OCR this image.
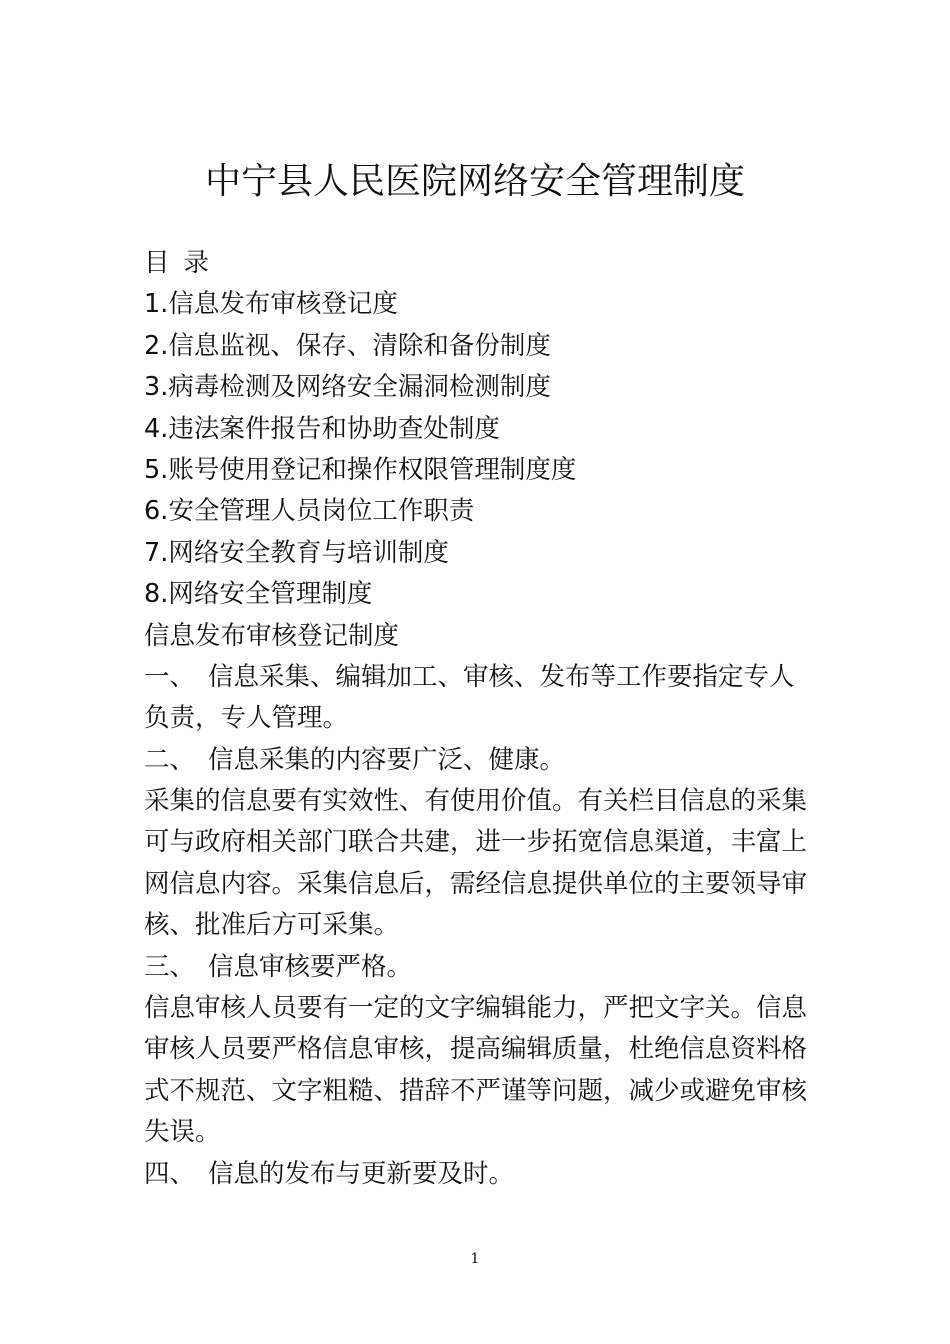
中宁县人民医院网络安全管理制度
目 录
1.信息发布审核登记度
2.信息监视、保存、清除和备份制度
3.病毒检测及网络安全漏洞检测制度
4.违法案件报告和协助查处制度
5.账号使用登记和操作权限管理制度度
6.安全管理人员岗位工作职责
7.网络安全教育与培训制度
8.网络安全管理制度
信息发布审核登记制度
一、 信息采集、编辑加工、审核、发布等工作要指定专人
负责，专人管理。
二、 信息采集的内容要广泛、健康。
采集的信息要有实效性、有使用价值。有关栏目信息的采集
可与政府相关部门联合共建，进一步拓宽信息渠道，丰富上
网信息内容。采集信息后，需经信息提供单位的主要领导审
核、批准后方可采集。
三、 信息审核要严格。
信息审核人员要有一定的文字编辑能力，严把文字关。信息
审核人员要严格信息审核，提高编辑质量，杜绝信息资料格
式不规范、文字粗糙、措辞不严谨等问题，减少或避免审核
失误。
四、 信息的发布与更新要及时。
1
